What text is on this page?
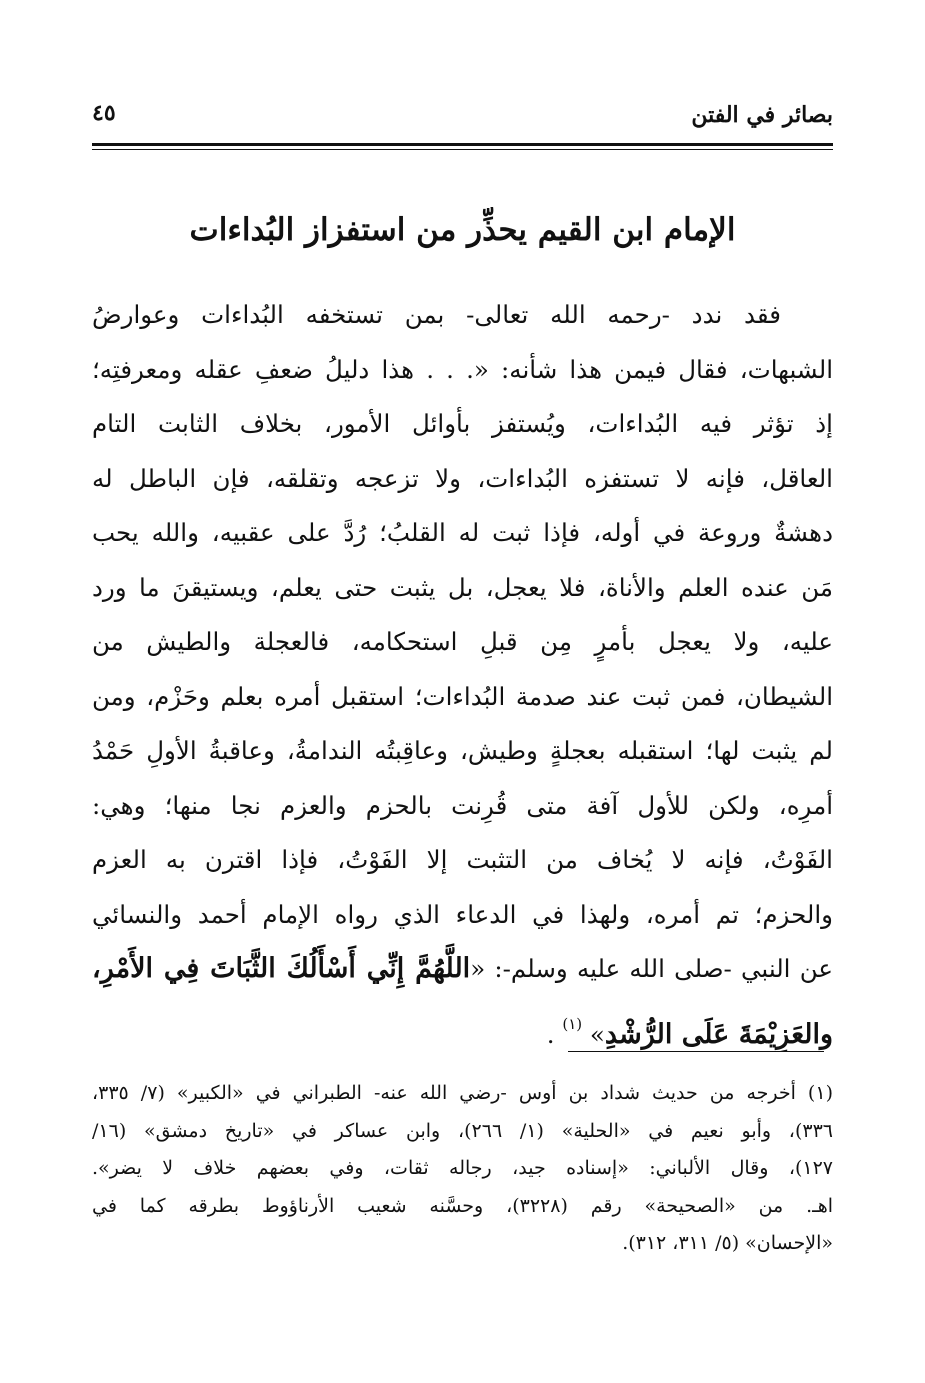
بصائر في الفتن
٤٥
الإمام ابن القيم يحذِّر من استفزاز البُداءات
فقد ندد -رحمه الله تعالى- بمن تستخفه البُداءات وعوارضُ
الشبهات، فقال فيمن هذا شأنه: «. . . هذا دليلُ ضعفِ عقله ومعرفتِه؛
إذ تؤثر فيه البُداءات، ويُستفز بأوائل الأمور، بخلاف الثابت التام
العاقل، فإنه لا تستفزه البُداءات، ولا تزعجه وتقلقه، فإن الباطل له
دهشةٌ وروعة في أوله، فإذا ثبت له القلبُ؛ رُدَّ على عقبيه، والله يحب
مَن عنده العلم والأناة، فلا يعجل، بل يثبت حتى يعلم، ويستيقنَ ما ورد
عليه، ولا يعجل بأمرٍ مِن قبلِ استحكامه، فالعجلة والطيش من
الشيطان، فمن ثبت عند صدمة البُداءات؛ استقبل أمره بعلم وحَزْم، ومن
لم يثبت لها؛ استقبله بعجلةٍ وطيش، وعاقِبتُه الندامةُ، وعاقبةُ الأولِ حَمْدُ
أمرِه، ولكن للأول آفة متى قُرِنت بالحزم والعزم نجا منها؛ وهي:
الفَوْتُ، فإنه لا يُخاف من التثبت إلا الفَوْتُ، فإذا اقترن به العزم
والحزم؛ تم أمره، ولهذا في الدعاء الذي رواه الإمام أحمد والنسائي
عن النبي -صلى الله عليه وسلم-: «اللَّهُمَّ إِنِّي أَسْأَلُكَ الثَّبَاتَ فِي الأَمْرِ،
والعَزِيْمَةَ عَلَى الرُّشْدِ» $^{(١)}$ .
(١) أخرجه من حديث شداد بن أوس -رضي الله عنه- الطبراني في «الكبير» (٧/ ٣٣٥،
٣٣٦)، وأبو نعيم في «الحلية» (١/ ٢٦٦)، وابن عساكر في «تاريخ دمشق» (١٦/
١٢٧)، وقال الألباني: «إسناده جيد، رجاله ثقات، وفي بعضهم خلاف لا يضر».
اهـ. من «الصحيحة» رقم (٣٢٢٨)، وحسَّنه شعيب الأرناؤوط بطرقه كما في
«الإحسان» (٥/ ٣١١، ٣١٢).
